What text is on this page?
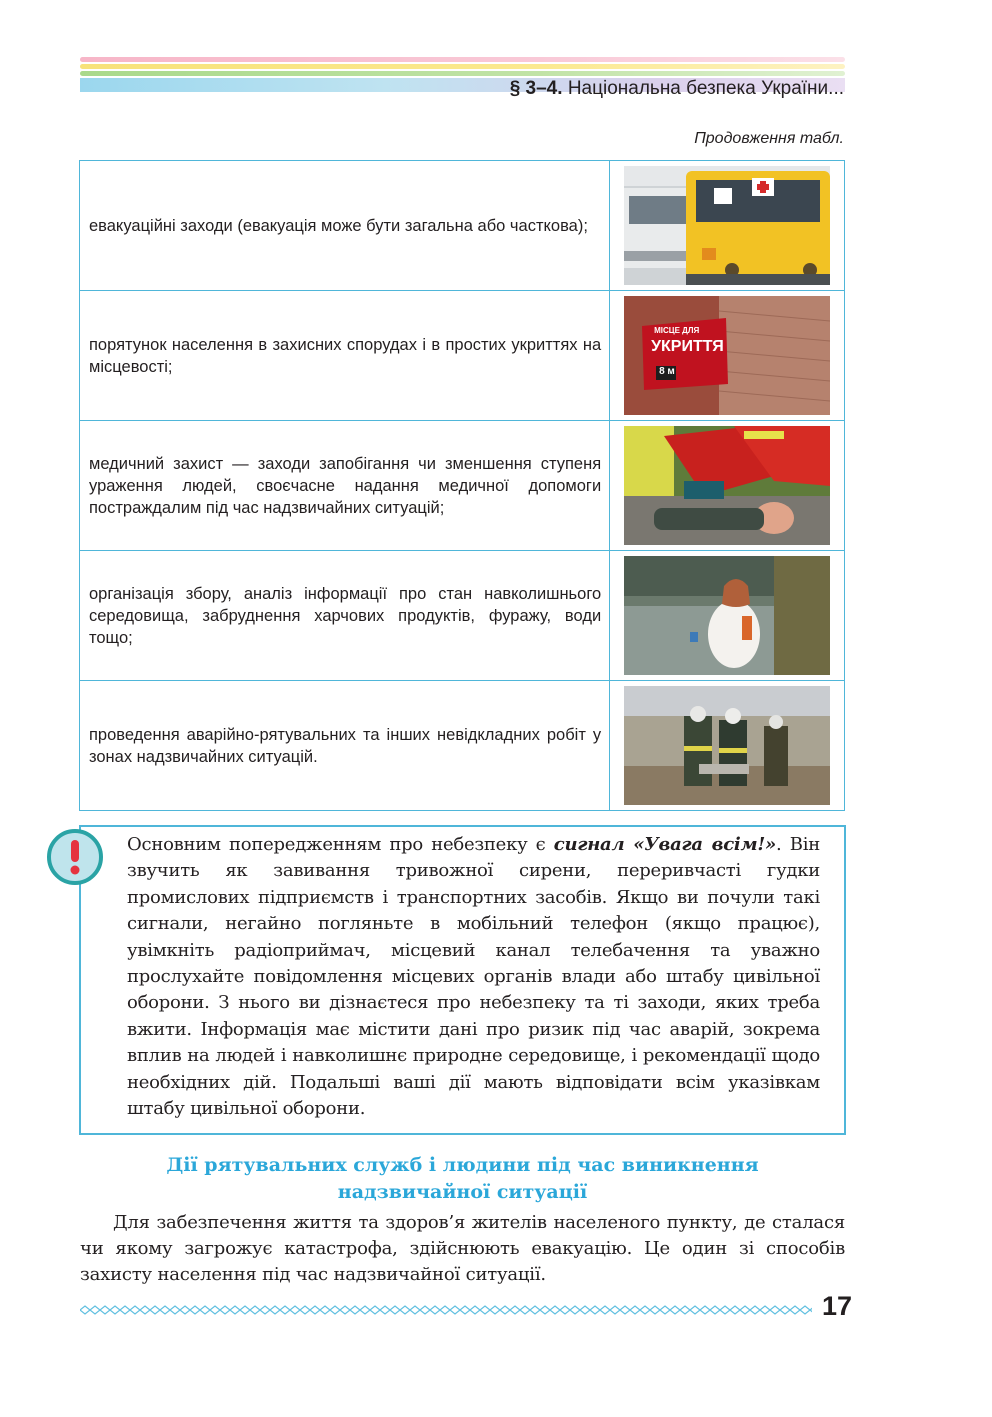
§ 3–4. Національна безпека України...
Продовження табл.
евакуаційні заходи (евакуація може бути загальна або часткова);	

порятунок населення в захисних спорудах і в простих укриттях на місцевості;	МІСЦЕ ДЛЯ
УКРИТТЯ
8 м

медичний захист — заходи запобігання чи зменшення ступеня ураження людей, своєчасне надання медичної допомоги постраждалим під час надзвичайних ситуацій;	

організація збору, аналіз інформації про стан навколишнього середовища, забруднення харчових продуктів, фуражу, води тощо;	

проведення аварійно-рятувальних та інших невідкладних робіт у зонах надзвичайних ситуацій.	
Основним попередженням про небезпеку є сигнал «Увага всім!». Він звучить як завивання тривожної сирени, переривчасті гудки промислових підприємств і транспортних засобів. Якщо ви почули такі сигнали, негайно погляньте в мобільний телефон (якщо працює), увімкніть радіоприймач, місцевий канал телебачення та уважно прослухайте повідомлення місцевих органів влади або штабу цивільної оборони. З нього ви дізнаєтеся про небезпеку та ті заходи, яких треба вжити. Інформація має містити дані про ризик під час аварій, зокрема вплив на людей і навколишнє природне середовище, і рекомендації щодо необхідних дій. Подальші ваші дії мають відповідати всім указівкам штабу цивільної оборони.
Дії рятувальних служб і людини під час виникнення
надзвичайної ситуації
Для забезпечення життя та здоров’я жителів населеного пункту, де сталася чи якому загрожує катастрофа, здійснюють евакуацію. Це один зі способів захисту населення під час надзвичайної ситуації.
17
